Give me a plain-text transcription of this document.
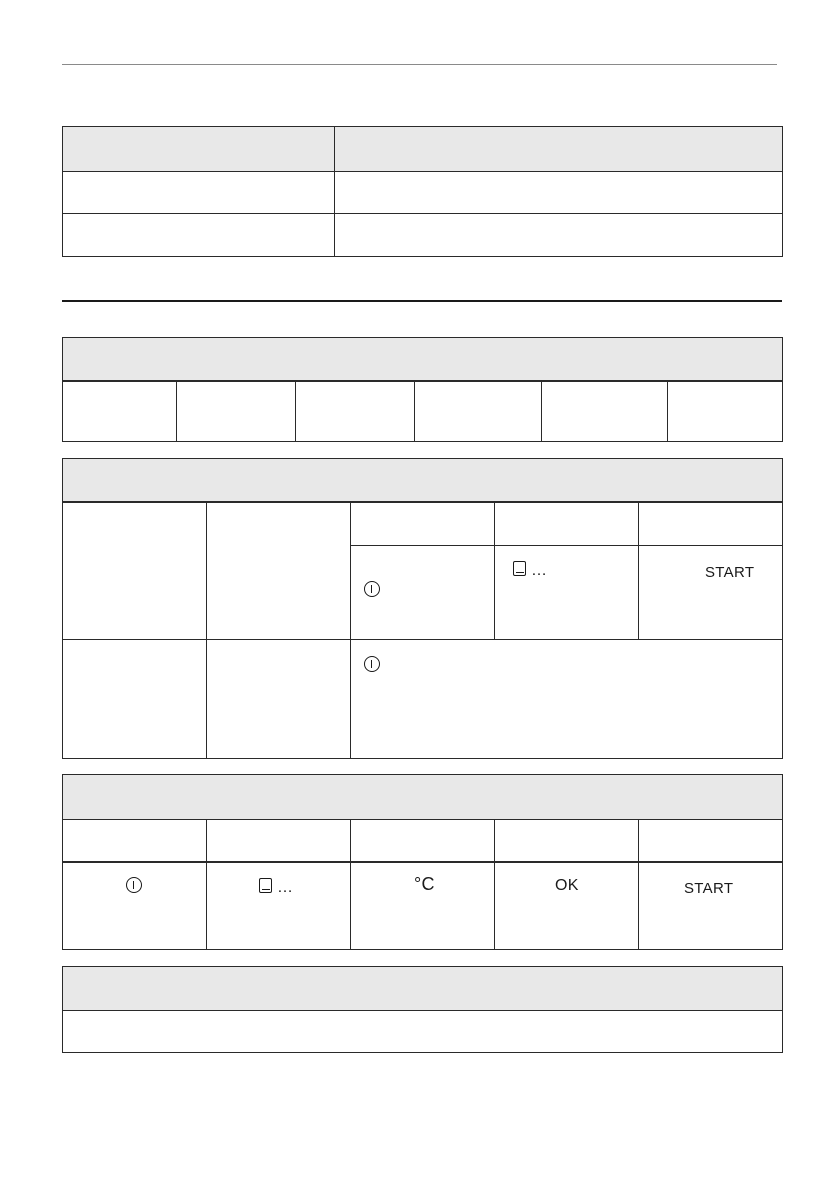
…	START
…	°C	OK	START
